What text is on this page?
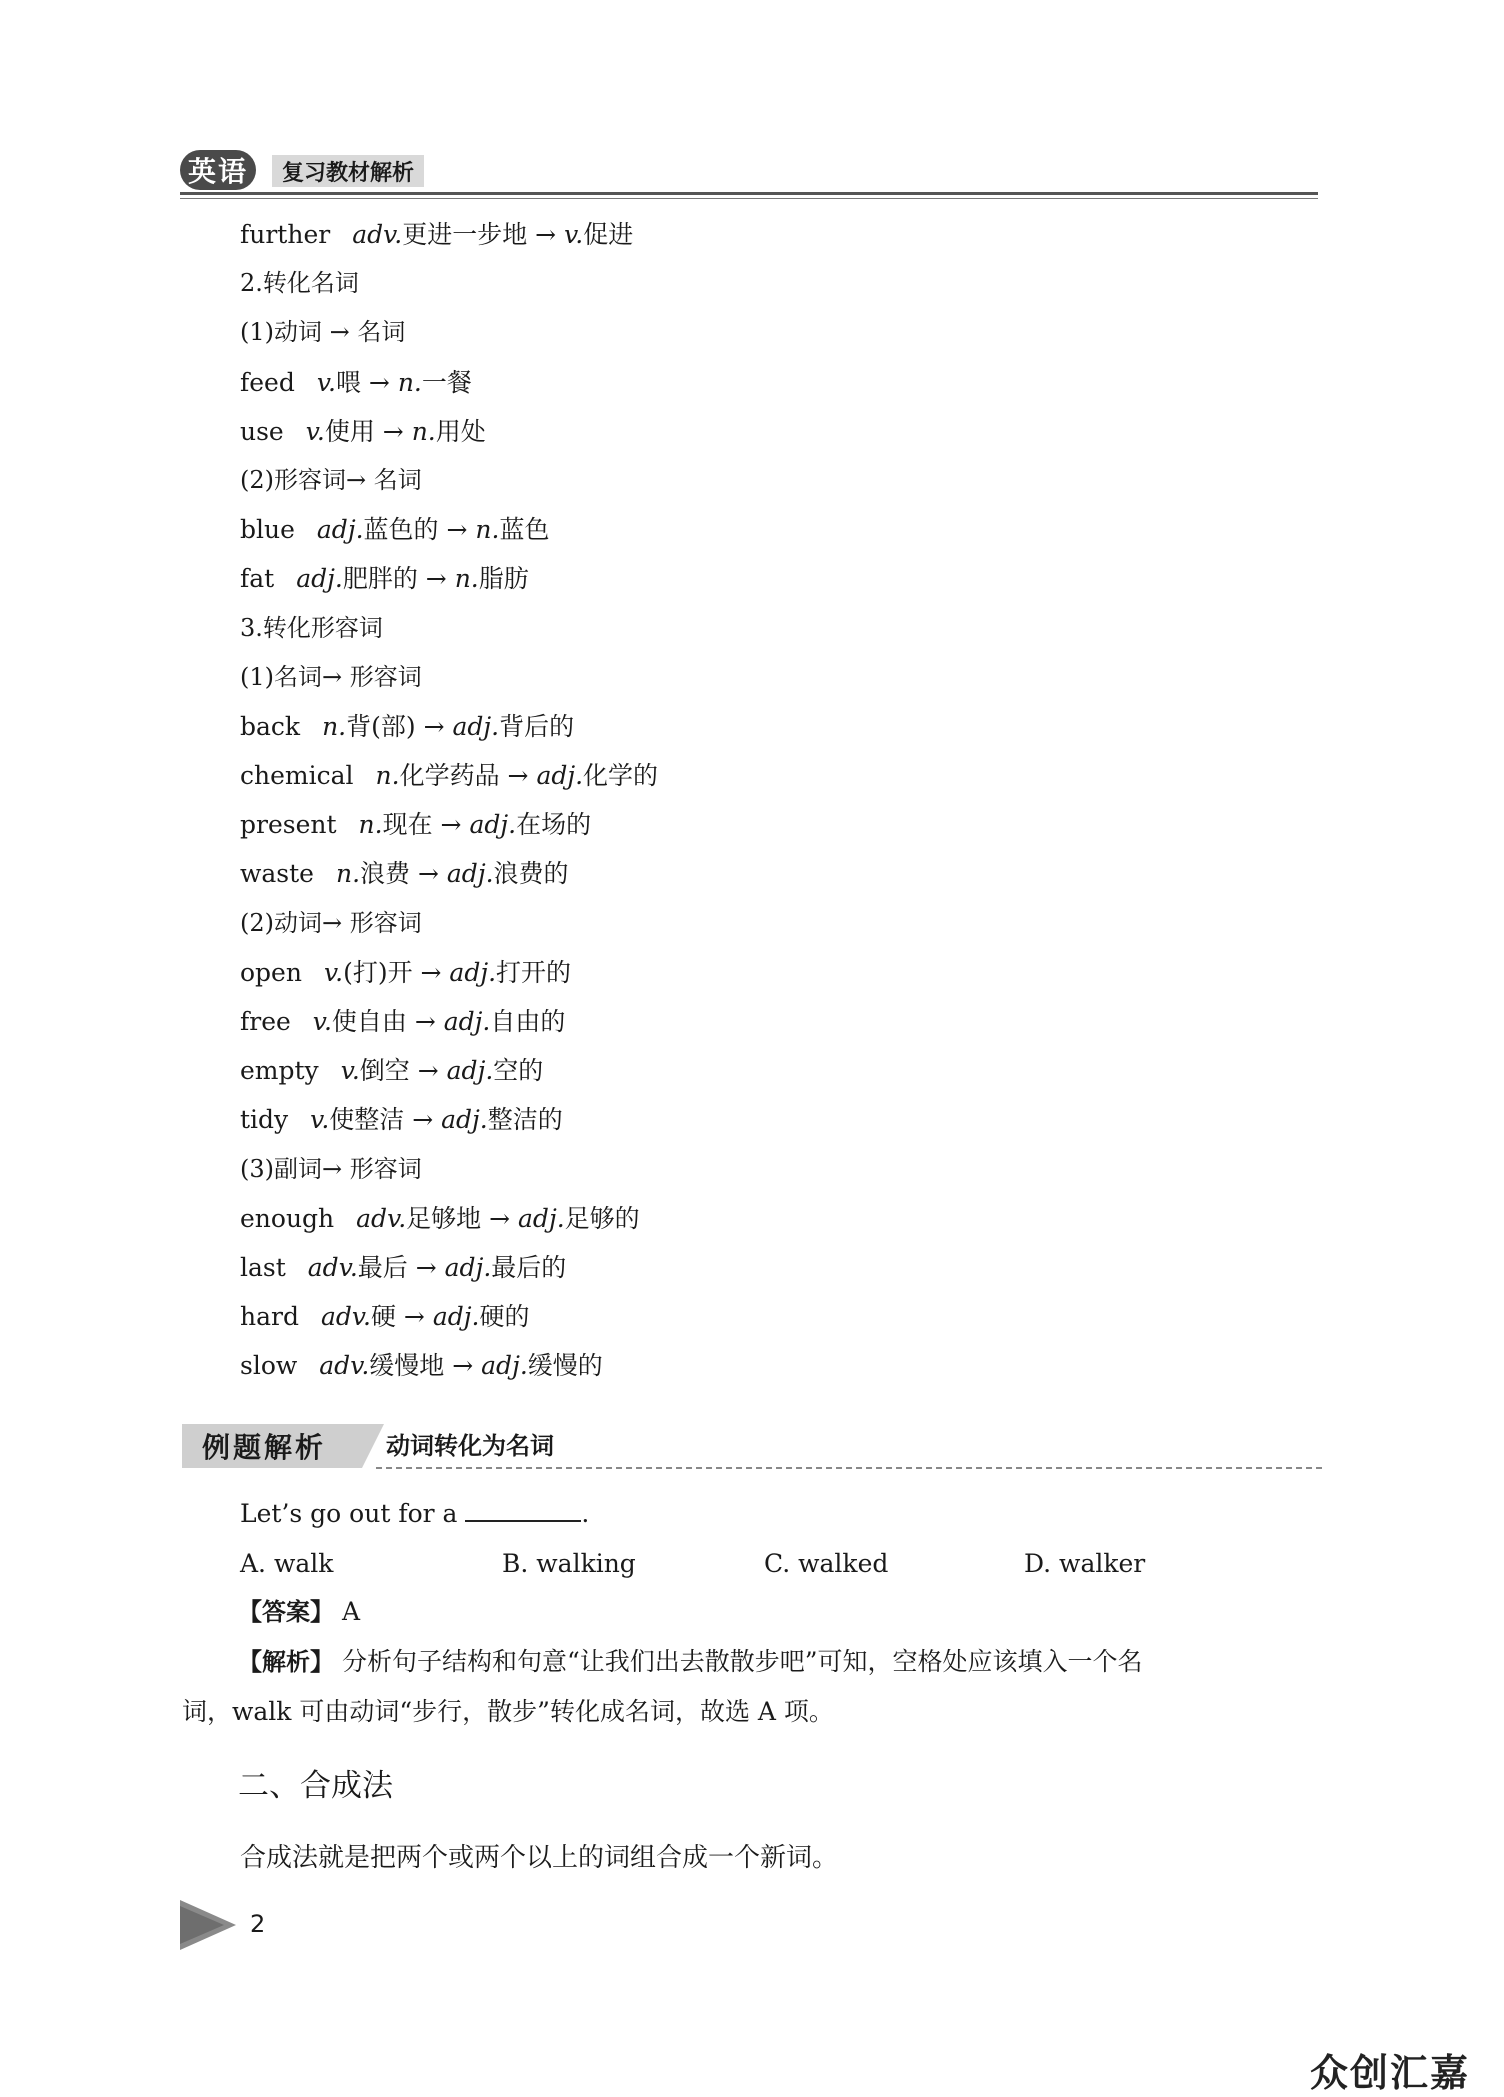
英语	复习教材解析
further adv.更进一步地 → v.促进
2.转化名词
(1)动词 → 名词
feed v.喂 → n.一餐
use v.使用 → n.用处
(2)形容词→ 名词
blue adj.蓝色的 → n.蓝色
fat adj.肥胖的 → n.脂肪
3.转化形容词
(1)名词→ 形容词
back n.背(部) → adj.背后的
chemical n.化学药品 → adj.化学的
present n.现在 → adj.在场的
waste n.浪费 → adj.浪费的
(2)动词→ 形容词
open v.(打)开 → adj.打开的
free v.使自由 → adj.自由的
empty v.倒空 → adj.空的
tidy v.使整洁 → adj.整洁的
(3)副词→ 形容词
enough adv.足够地 → adj.足够的
last adv.最后 → adj.最后的
hard adv.硬 → adj.硬的
slow adv.缓慢地 → adj.缓慢的
例题解析	动词转化为名词
Let’s go out for a	.
A. walk	B. walking	C. walked	D. walker
【答案】 A
【解析】 分析句子结构和句意“让我们出去散散步吧”可知，空格处应该填入一个名
词，walk 可由动词“步行，散步”转化成名词，故选 A 项。
二、合成法
合成法就是把两个或两个以上的词组合成一个新词。
2
众创汇嘉
